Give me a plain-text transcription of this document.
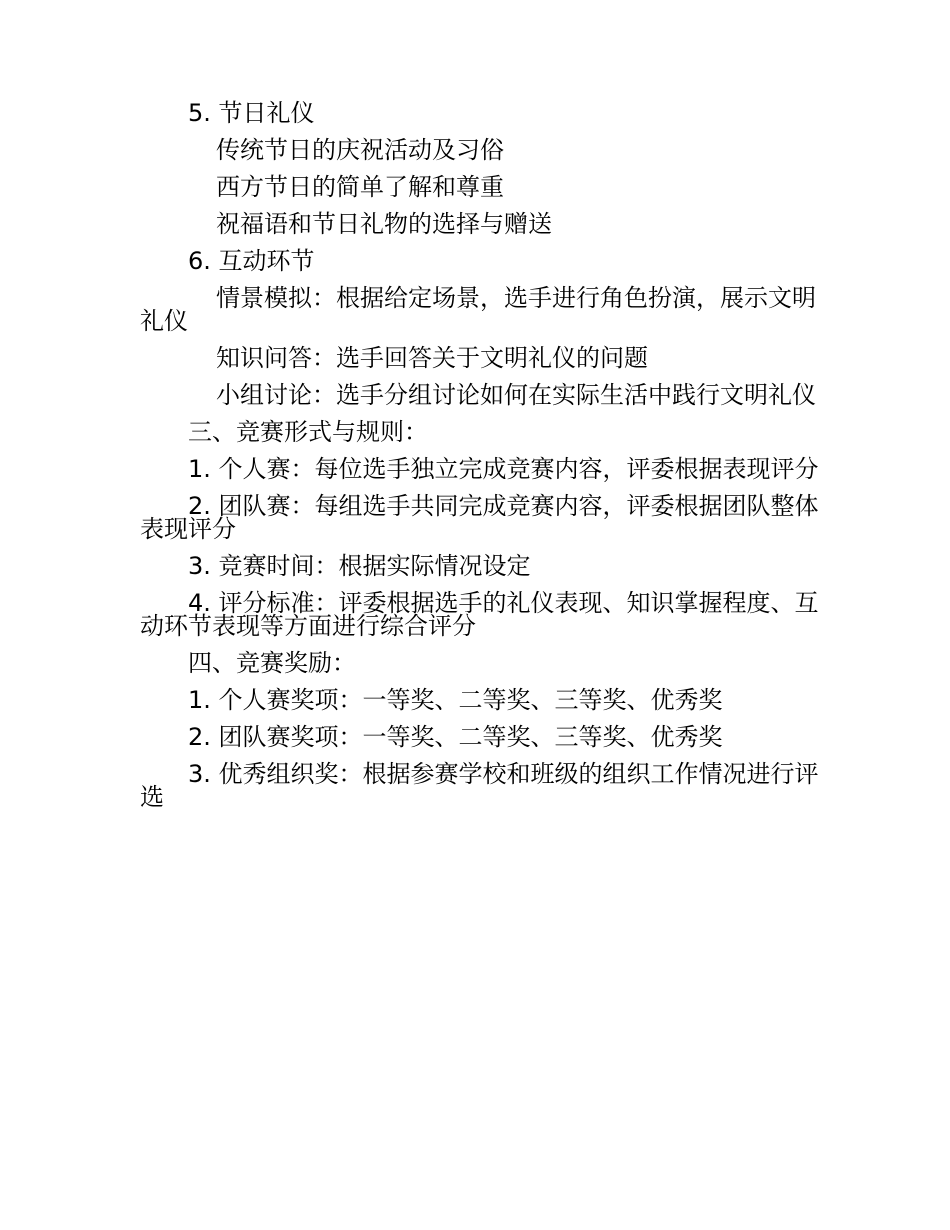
5. 节日礼仪

传统节日的庆祝活动及习俗

西方节日的简单了解和尊重

祝福语和节日礼物的选择与赠送

6. 互动环节

情景模拟：根据给定场景，选手进行角色扮演，展示文明礼仪

知识问答：选手回答关于文明礼仪的问题

小组讨论：选手分组讨论如何在实际生活中践行文明礼仪

三、竞赛形式与规则：

1. 个人赛：每位选手独立完成竞赛内容，评委根据表现评分

2. 团队赛：每组选手共同完成竞赛内容，评委根据团队整体表现评分

3. 竞赛时间：根据实际情况设定

4. 评分标准：评委根据选手的礼仪表现、知识掌握程度、互动环节表现等方面进行综合评分

四、竞赛奖励：

1. 个人赛奖项：一等奖、二等奖、三等奖、优秀奖

2. 团队赛奖项：一等奖、二等奖、三等奖、优秀奖

3. 优秀组织奖：根据参赛学校和班级的组织工作情况进行评选
